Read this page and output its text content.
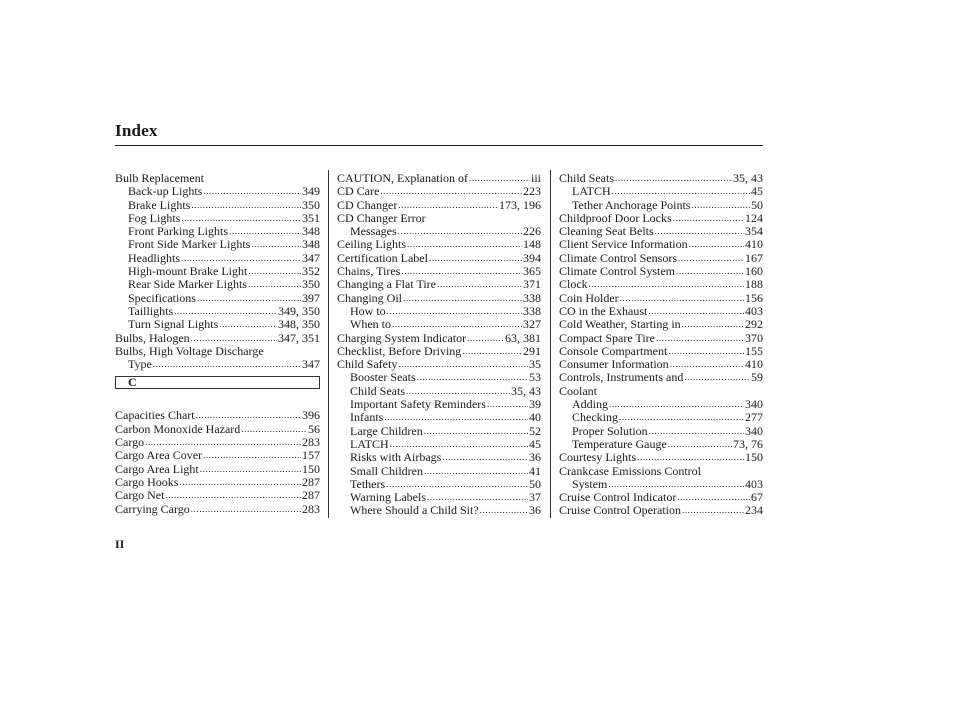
Index
Bulb Replacement
Back-up Lights .....	349
Brake Lights .....	350
Fog Lights .....	351
Front Parking Lights .....	348
Front Side Marker Lights .....	348
Headlights .....	347
High-mount Brake Light .....	352
Rear Side Marker Lights .....	350
Specifications .....	397
Taillights .....	349, 350
Turn Signal Lights .....	348, 350
Bulbs, Halogen .....	347, 351
Bulbs, High Voltage Discharge
Type .....	347
C
Capacities Chart .....	396
Carbon Monoxide Hazard .....	56
Cargo .....	283
Cargo Area Cover .....	157
Cargo Area Light .....	150
Cargo Hooks .....	287
Cargo Net .....	287
Carrying Cargo .....	283
CAUTION, Explanation of .....	iii
CD Care .....	223
CD Changer .....	173, 196
CD Changer Error
Messages .....	226
Ceiling Lights .....	148
Certification Label .....	394
Chains, Tires .....	365
Changing a Flat Tire .....	371
Changing Oil .....	338
How to .....	338
When to .....	327
Charging System Indicator .....	63, 381
Checklist, Before Driving .....	291
Child Safety .....	35
Booster Seats .....	53
Child Seats .....	35, 43
Important Safety Reminders .....	39
Infants .....	40
Large Children .....	52
LATCH .....	45
Risks with Airbags .....	36
Small Children .....	41
Tethers .....	50
Warning Labels .....	37
Where Should a Child Sit? .....	36
Child Seats .....	35, 43
LATCH .....	45
Tether Anchorage Points .....	50
Childproof Door Locks .....	124
Cleaning Seat Belts .....	354
Client Service Information .....	410
Climate Control Sensors .....	167
Climate Control System .....	160
Clock .....	188
Coin Holder .....	156
CO in the Exhaust .....	403
Cold Weather, Starting in .....	292
Compact Spare Tire .....	370
Console Compartment .....	155
Consumer Information .....	410
Controls, Instruments and .....	59
Coolant
Adding .....	340
Checking .....	277
Proper Solution .....	340
Temperature Gauge .....	73, 76
Courtesy Lights .....	150
Crankcase Emissions Control
System .....	403
Cruise Control Indicator .....	67
Cruise Control Operation .....	234
II
